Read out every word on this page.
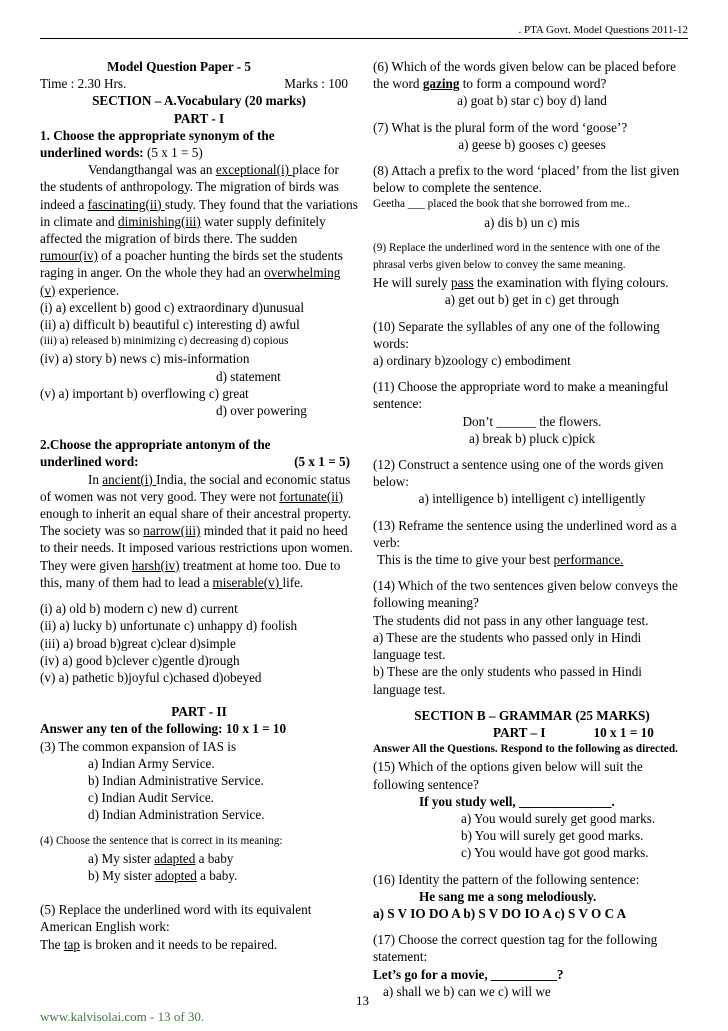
. PTA Govt. Model Questions 2011-12

Model Question Paper - 5

Time : 2.30 Hrs.	Marks : 100

SECTION – A.Vocabulary (20 marks)

PART - I

1. Choose the appropriate synonym of the

underlined words: (5 x 1 = 5)

Vendangthangal was an exceptional(i) place for the students of anthropology. The migration of birds was indeed a fascinating(ii) study. They found that the variations in climate and diminishing(iii) water supply definitely affected the migration of birds there. The sudden rumour(iv) of a poacher hunting the birds set the students raging in anger. On the whole they had an overwhelming (v) experience.

(i) a) excellent b) good c) extraordinary d)unusual

(ii) a) difficult b) beautiful c) interesting d) awful

(iii) a) released b) minimizing c) decreasing d) copious

(iv) a) story b) news c) mis-information

d) statement

(v) a) important b) overflowing c) great

d) over powering

2.Choose the appropriate antonym of the

underlined word:	(5 x 1 = 5)

In ancient(i) India, the social and economic status of women was not very good. They were not fortunate(ii) enough to inherit an equal share of their ancestral property. The society was so narrow(iii) minded that it paid no heed to their needs. It imposed various restrictions upon women. They were given harsh(iv) treatment at home too. Due to this, many of them had to lead a miserable(v) life.

(i) a) old b) modern c) new d) current

(ii) a) lucky b) unfortunate c) unhappy d) foolish

(iii) a) broad b)great c)clear d)simple

(iv) a) good b)clever c)gentle d)rough

(v) a) pathetic b)joyful c)chased d)obeyed

PART - II

Answer any ten of the following: 10 x 1 = 10

(3) The common expansion of IAS is

a) Indian Army Service.

b) Indian Administrative Service.

c) Indian Audit Service.

d) Indian Administration Service.

(4) Choose the sentence that is correct in its meaning:

a) My sister adapted a baby

b) My sister adopted a baby.

(5) Replace the underlined word with its equivalent American English work:

The tap is broken and it needs to be repaired.

(6) Which of the words given below can be placed before the word gazing to form a compound word?

a) goat b) star c) boy d) land

(7) What is the plural form of the word ‘goose’?

a) geese b) gooses c) geeses

(8) Attach a prefix to the word ‘placed’ from the list given below to complete the sentence.

Geetha ___ placed the book that she borrowed from me..

a) dis b) un c) mis

(9) Replace the underlined word in the sentence with one of the phrasal verbs given below to convey the same meaning.

He will surely pass the examination with flying colours.

a) get out b) get in c) get through

(10) Separate the syllables of any one of the following words:

a) ordinary b)zoology c) embodiment

(11) Choose the appropriate word to make a meaningful sentence:

Don’t ______ the flowers.

a) break b) pluck c)pick

(12) Construct a sentence using one of the words given below:

a) intelligence b) intelligent c) intelligently

(13) Reframe the sentence using the underlined word as a verb:

This is the time to give your best performance.

(14) Which of the two sentences given below conveys the following meaning?

The students did not pass in any other language test.

a) These are the students who passed only in Hindi language test.

b) These are the only students who passed in Hindi language test.

SECTION B – GRAMMAR (25 MARKS)

PART – I	10 x 1 = 10

Answer All the Questions. Respond to the following as directed.

(15) Which of the options given below will suit the following sentence?

If you study well, ______________.

a) You would surely get good marks.

b) You will surely get good marks.

c) You would have got good marks.

(16) Identity the pattern of the following sentence:

He sang me a song melodiously.

a) S V IO DO A b) S V DO IO A c) S V O C A

(17) Choose the correct question tag for the following statement:

Let’s go for a movie, __________?

a) shall we b) can we c) will we

13
www.kalvisolai.com - 13 of 30.
